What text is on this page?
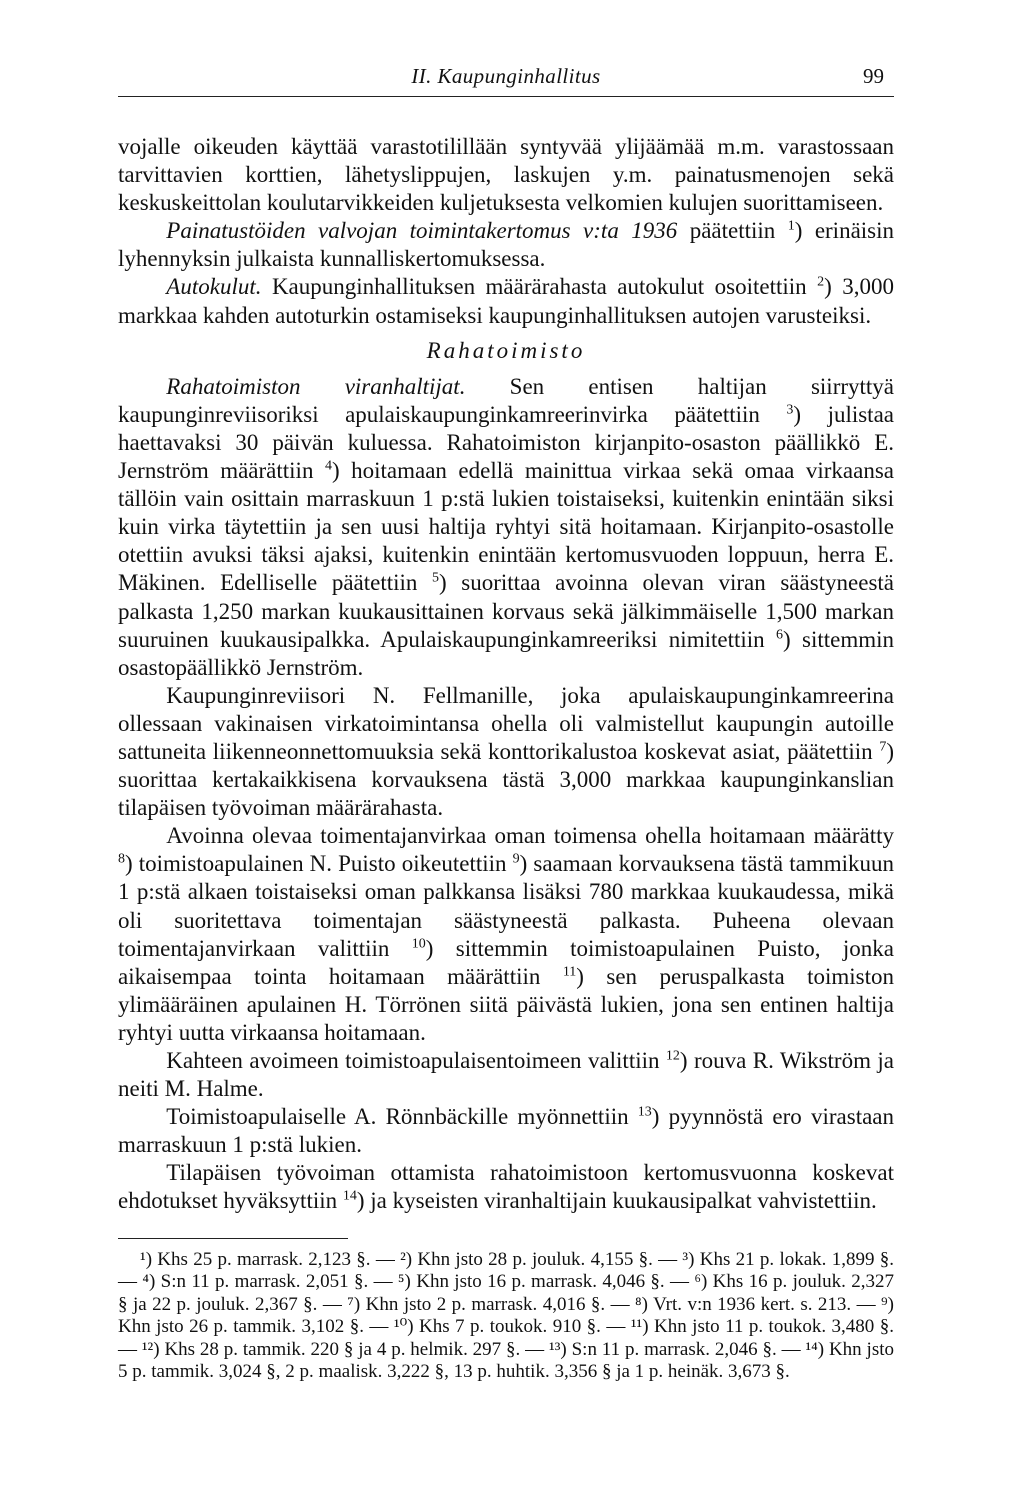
II. Kaupunginhallitus	99

vojalle oikeuden käyttää varastotilillään syntyvää ylijäämää m.m. varastossaan tarvittavien korttien, lähetyslippujen, laskujen y.m. painatusmenojen sekä keskuskeittolan koulutarvikkeiden kuljetuksesta velkomien kulujen suorittamiseen.

Painatustöiden valvojan toimintakertomus v:ta 1936 päätettiin $^1$) erinäisin lyhennyksin julkaista kunnalliskertomuksessa.

Autokulut. Kaupunginhallituksen määrärahasta autokulut osoitettiin $^2$) 3,000 markkaa kahden autoturkin ostamiseksi kaupunginhallituksen autojen varusteiksi.

Rahatoimisto

Rahatoimiston viranhaltijat. Sen entisen haltijan siirryttyä kaupunginreviisoriksi apulaiskaupunginkamreerinvirka päätettiin $^3$) julistaa haettavaksi 30 päivän kuluessa. Rahatoimiston kirjanpito-osaston päällikkö E. Jernström määrättiin $^4$) hoitamaan edellä mainittua virkaa sekä omaa virkaansa tällöin vain osittain marraskuun 1 p:stä lukien toistaiseksi, kuitenkin enintään siksi kuin virka täytettiin ja sen uusi haltija ryhtyi sitä hoitamaan. Kirjanpito-osastolle otettiin avuksi täksi ajaksi, kuitenkin enintään kertomusvuoden loppuun, herra E. Mäkinen. Edelliselle päätettiin $^5$) suorittaa avoinna olevan viran säästyneestä palkasta 1,250 markan kuukausittainen korvaus sekä jälkimmäiselle 1,500 markan suuruinen kuukausipalkka. Apulaiskaupunginkamreeriksi nimitettiin $^6$) sittemmin osastopäällikkö Jernström.

Kaupunginreviisori N. Fellmanille, joka apulaiskaupunginkamreerina ollessaan vakinaisen virkatoimintansa ohella oli valmistellut kaupungin autoille sattuneita liikenneonnettomuuksia sekä konttorikalustoa koskevat asiat, päätettiin $^7$) suorittaa kertakaikkisena korvauksena tästä 3,000 markkaa kaupunginkanslian tilapäisen työvoiman määrärahasta.

Avoinna olevaa toimentajanvirkaa oman toimensa ohella hoitamaan määrätty $^8$) toimistoapulainen N. Puisto oikeutettiin $^9$) saamaan korvauksena tästä tammikuun 1 p:stä alkaen toistaiseksi oman palkkansa lisäksi 780 markkaa kuukaudessa, mikä oli suoritettava toimentajan säästyneestä palkasta. Puheena olevaan toimentajanvirkaan valittiin $^{10}$) sittemmin toimistoapulainen Puisto, jonka aikaisempaa tointa hoitamaan määrättiin $^{11}$) sen peruspalkasta toimiston ylimääräinen apulainen H. Törrönen siitä päivästä lukien, jona sen entinen haltija ryhtyi uutta virkaansa hoitamaan.

Kahteen avoimeen toimistoapulaisentoimeen valittiin $^{12}$) rouva R. Wikström ja neiti M. Halme.

Toimistoapulaiselle A. Rönnbäckille myönnettiin $^{13}$) pyynnöstä ero virastaan marraskuun 1 p:stä lukien.

Tilapäisen työvoiman ottamista rahatoimistoon kertomusvuonna koskevat ehdotukset hyväksyttiin $^{14}$) ja kyseisten viranhaltijain kuukausipalkat vahvistettiin.

¹) Khs 25 p. marrask. 2,123 §. — ²) Khn jsto 28 p. jouluk. 4,155 §. — ³) Khs 21 p. lokak. 1,899 §. — ⁴) S:n 11 p. marrask. 2,051 §. — ⁵) Khn jsto 16 p. marrask. 4,046 §. — ⁶) Khs 16 p. jouluk. 2,327 § ja 22 p. jouluk. 2,367 §. — ⁷) Khn jsto 2 p. marrask. 4,016 §. — ⁸) Vrt. v:n 1936 kert. s. 213. — ⁹) Khn jsto 26 p. tammik. 3,102 §. — ¹⁰) Khs 7 p. toukok. 910 §. — ¹¹) Khn jsto 11 p. toukok. 3,480 §. — ¹²) Khs 28 p. tammik. 220 § ja 4 p. helmik. 297 §. — ¹³) S:n 11 p. marrask. 2,046 §. — ¹⁴) Khn jsto 5 p. tammik. 3,024 §, 2 p. maalisk. 3,222 §, 13 p. huhtik. 3,356 § ja 1 p. heinäk. 3,673 §.
